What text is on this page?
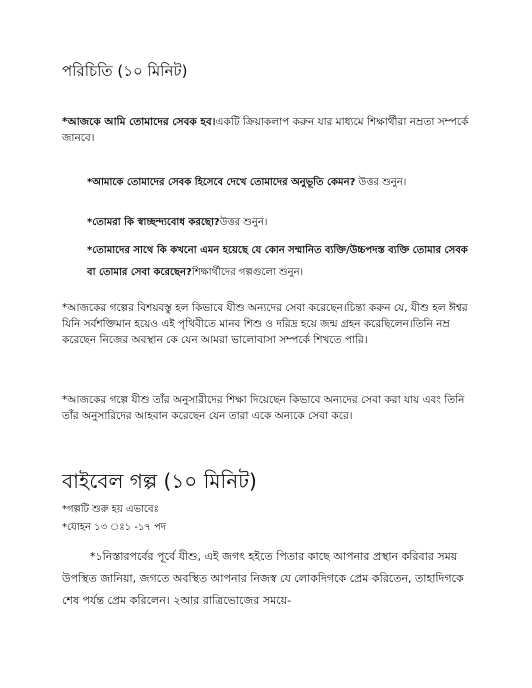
পরিচিতি (১০ মিনিট)

*আজকে আমি তোমাদের সেবক হব।একটি ক্রিয়াকলাপ করুন যার মাধ্যমে শিক্ষার্থীরা নম্রতা সম্পর্কে জানবে।

*আমাকে তোমাদের সেবক হিসেবে দেখে তোমাদের অনুভূতি কেমন? উত্তর শুনুন।

*তোমরা কি স্বাচ্ছন্দ্যবোধ করছো?উত্তর শুনুন।

*তোমাদের সাথে কি কখনো এমন হয়েছে যে কোন সম্মানিত ব্যক্তি/উচ্চপদস্ত ব্যক্তি তোমার সেবক বা তোমার সেবা করেছেন?শিক্ষার্থীদের গল্পগুলো শুনুন।

*আজকের গল্পের বিশয়বস্তু হল কিভাবে যীশু অন্যদের সেবা করেছেন।চিন্তা করুন যে, যীশু হল ঈশ্বর যিনি সর্বশক্তিমান হয়েও এই পৃথিবীতে মানব শিশু ও দরিদ্র হয়ে জন্ম গ্রহন করেছিলেন।তিনি নম্র করেছেন নিজের অবস্থান কে যেন আমরা ভালোবাসা সম্পর্কে শিখতে পারি।

*আজকের গল্পে যীশু তাঁর অনুসারীদের শিক্ষা দিয়েছেন কিভাবে অন্যদের সেবা করা যায় এবং তিনি তাঁর অনুসারিদের আহবান করেছেন যেন তারা একে অন্যকে সেবা করে।

বাইবেল গল্প (১০ মিনিট)

*গল্পটি শুরু হয় এভাবেঃ

*যোহন ১৩ ঃ১ -১৭ পদ

*১নিস্তারপর্বের পূর্বে যীশু, এই জগৎ হইতে পিতার কাছে আপনার প্রস্থান করিবার সময় উপস্থিত জানিয়া, জগতে অবস্থিত আপনার নিজস্ব যে লোকদিগকে প্রেম করিতেন, তাহাদিগকে শেষ পর্যন্ত প্রেম করিলেন। ২আর রাত্রিভোজের সময়ে-
